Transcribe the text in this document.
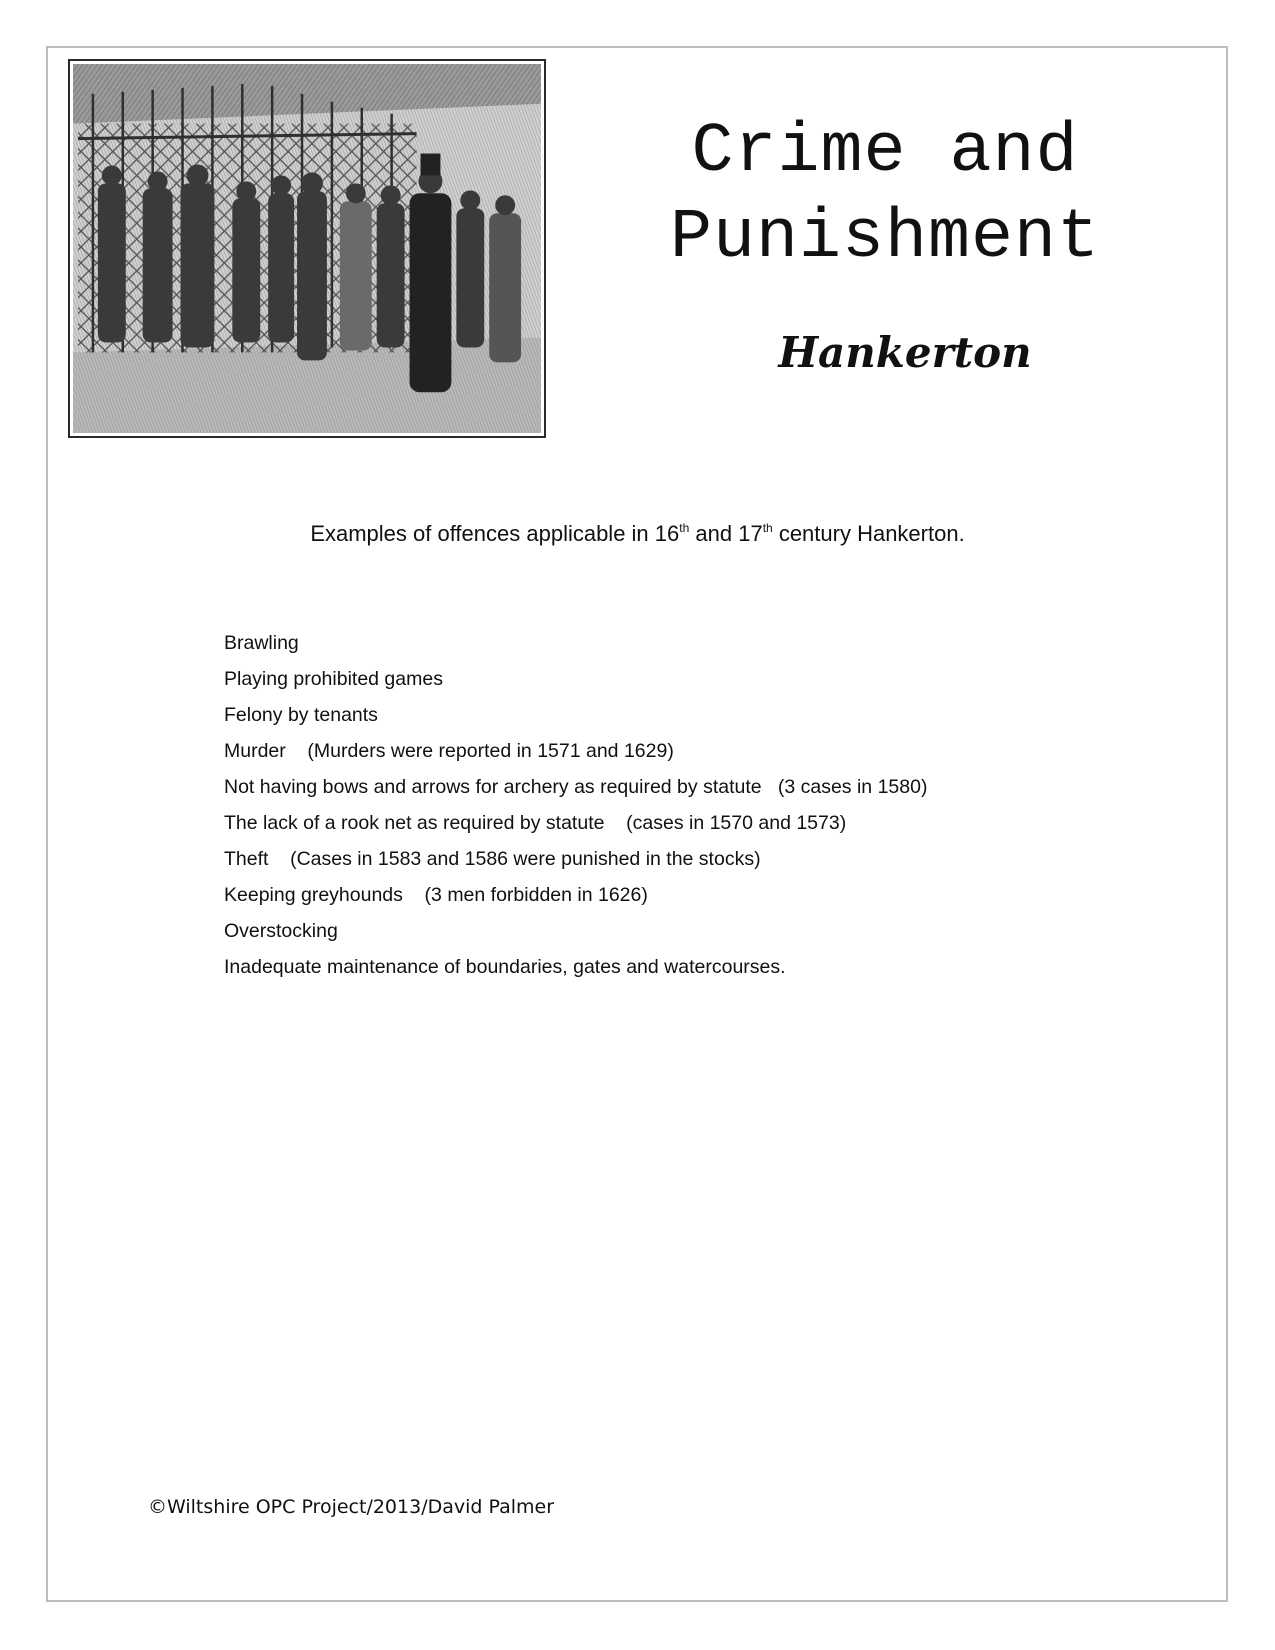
Crime and
Punishment
Hankerton
Examples of offences applicable in 16th and 17th century Hankerton.
Brawling
Playing prohibited games
Felony by tenants
Murder    (Murders were reported in 1571 and 1629)
Not having bows and arrows for archery as required by statute   (3 cases in 1580)
The lack of a rook net as required by statute    (cases in 1570 and 1573)
Theft    (Cases in 1583 and 1586 were punished in the stocks)
Keeping greyhounds    (3 men forbidden in 1626)
Overstocking
Inadequate maintenance of boundaries, gates and watercourses.
©Wiltshire OPC Project/2013/David Palmer
